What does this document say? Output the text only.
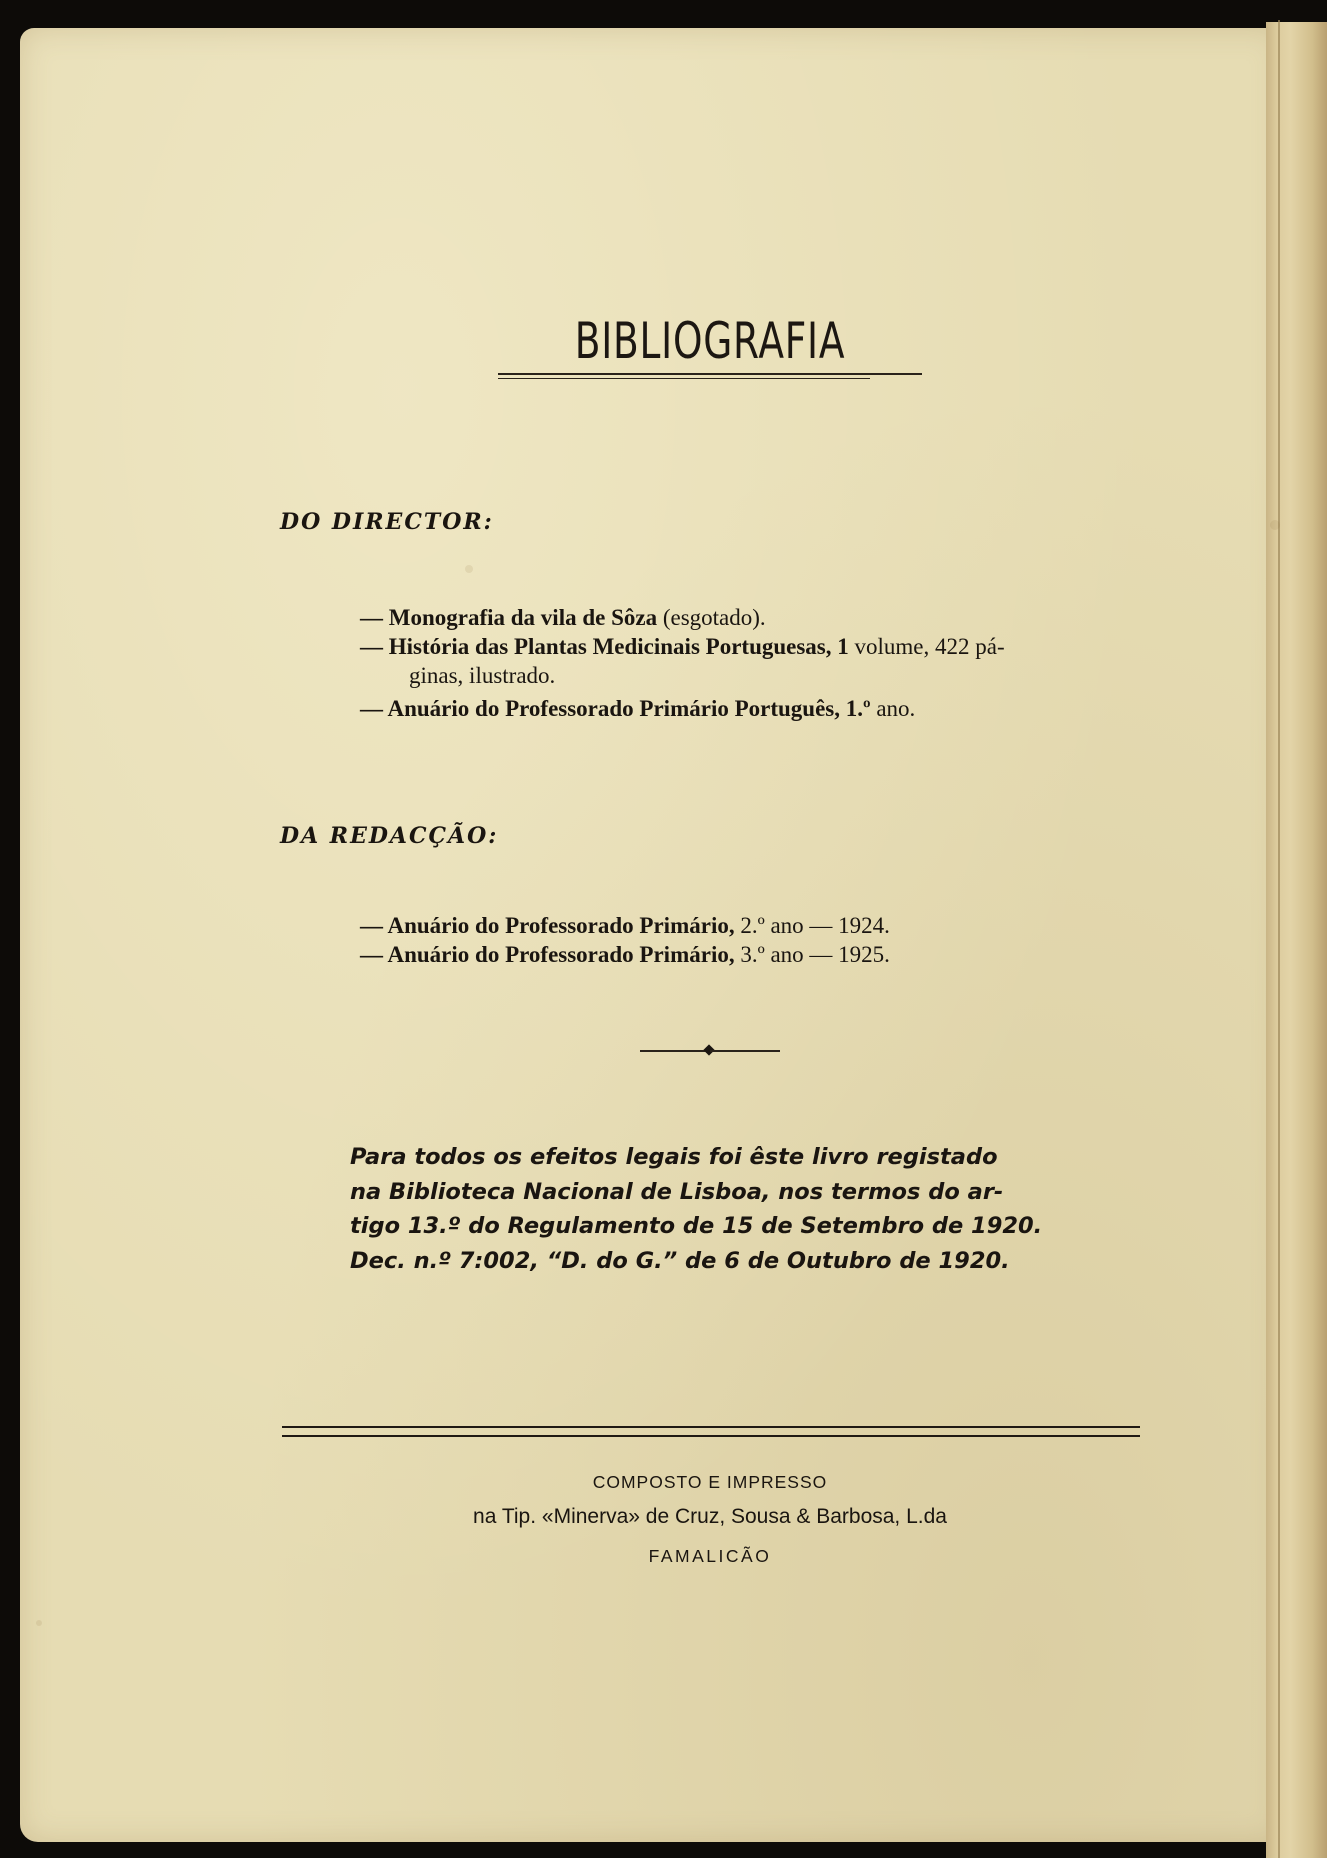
BIBLIOGRAFIA
DO DIRECTOR:
— Monografia da vila de Sôza (esgotado).
— História das Plantas Medicinais Portuguesas, 1 volume, 422 pá-
ginas, ilustrado.
— Anuário do Professorado Primário Português, 1.º ano.
DA REDACÇÃO:
— Anuário do Professorado Primário, 2.º ano — 1924.
— Anuário do Professorado Primário, 3.º ano — 1925.
Para todos os efeitos legais foi êste livro registado
na Biblioteca Nacional de Lisboa, nos termos do ar-
tigo 13.º do Regulamento de 15 de Setembro de 1920.
Dec. n.º 7:002, “D. do G.” de 6 de Outubro de 1920.
COMPOSTO E IMPRESSO
na Tip. «Minerva» de Cruz, Sousa & Barbosa, L.da
FAMALICÃO
